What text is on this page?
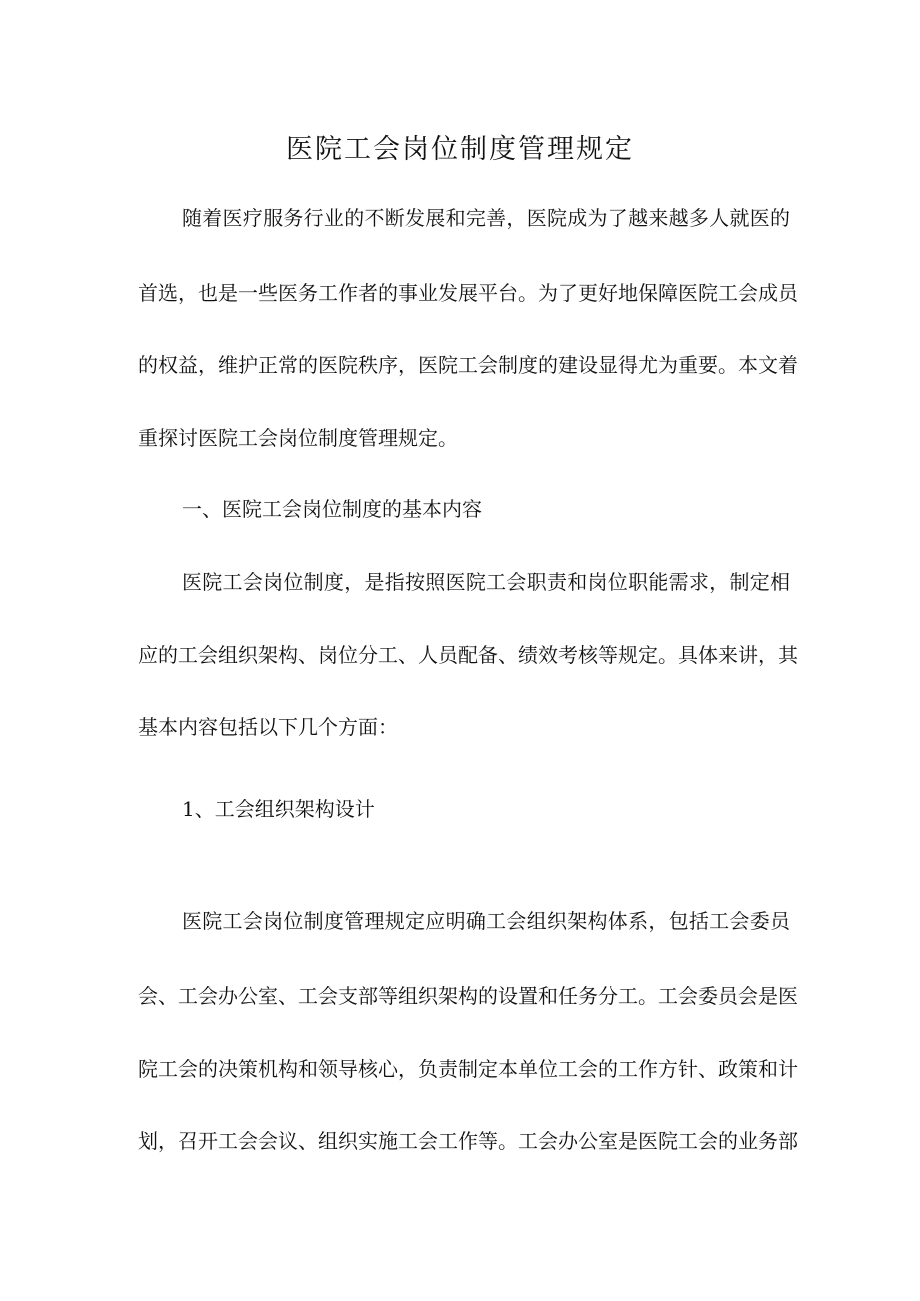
医院工会岗位制度管理规定

随着医疗服务行业的不断发展和完善，医院成为了越来越多人就医的

首选，也是一些医务工作者的事业发展平台。为了更好地保障医院工会成员

的权益，维护正常的医院秩序，医院工会制度的建设显得尤为重要。本文着

重探讨医院工会岗位制度管理规定。

一、医院工会岗位制度的基本内容

医院工会岗位制度，是指按照医院工会职责和岗位职能需求，制定相

应的工会组织架构、岗位分工、人员配备、绩效考核等规定。具体来讲，其

基本内容包括以下几个方面：

1、工会组织架构设计

医院工会岗位制度管理规定应明确工会组织架构体系，包括工会委员

会、工会办公室、工会支部等组织架构的设置和任务分工。工会委员会是医

院工会的决策机构和领导核心，负责制定本单位工会的工作方针、政策和计

划，召开工会会议、组织实施工会工作等。工会办公室是医院工会的业务部
